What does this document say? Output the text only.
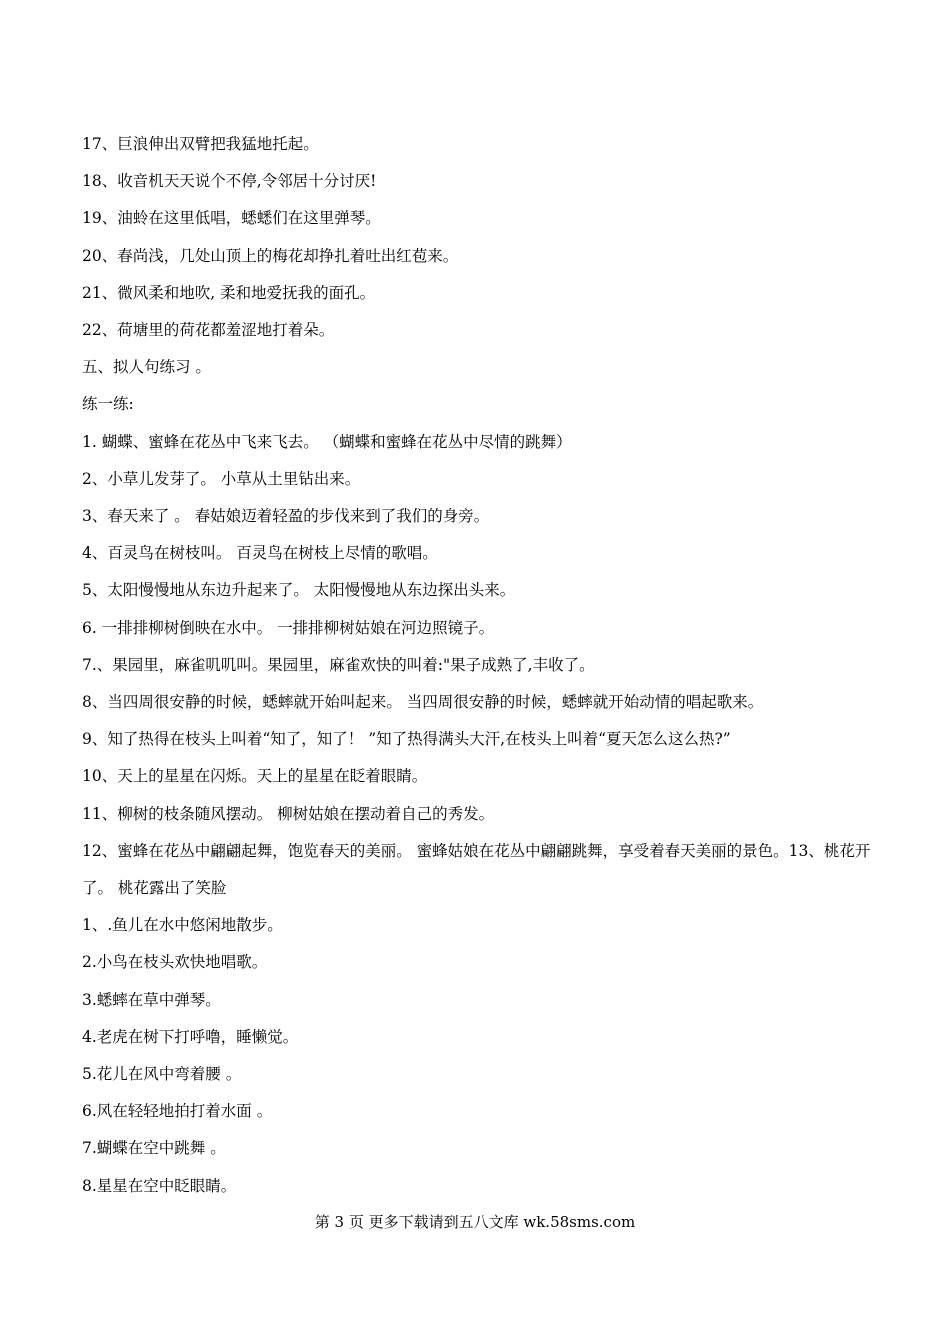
17、巨浪伸出双臂把我猛地托起。

18、收音机天天说个不停,令邻居十分讨厌!

19、油蛉在这里低唱，蟋蟋们在这里弹琴。

20、春尚浅，几处山顶上的梅花却挣扎着吐出红苞来。

21、微风柔和地吹, 柔和地爱抚我的面孔。

22、荷塘里的荷花都羞涩地打着朵。

五、拟人句练习 。

练一练:

1. 蝴蝶、蜜蜂在花丛中飞来飞去。 （蝴蝶和蜜蜂在花丛中尽情的跳舞）

2、小草儿发芽了。 小草从土里钻出来。

3、春天来了 。 春姑娘迈着轻盈的步伐来到了我们的身旁。

4、百灵鸟在树枝叫。 百灵鸟在树枝上尽情的歌唱。

5、太阳慢慢地从东边升起来了。 太阳慢慢地从东边探出头来。

6. 一排排柳树倒映在水中。 一排排柳树姑娘在河边照镜子。

7.、果园里，麻雀叽叽叫。果园里，麻雀欢快的叫着:"果子成熟了,丰收了。

8、当四周很安静的时候，蟋蟀就开始叫起来。 当四周很安静的时候，蟋蟀就开始动情的唱起歌来。

9、知了热得在枝头上叫着“知了，知了！ ”知了热得满头大汗,在枝头上叫着“夏天怎么这么热?”

10、天上的星星在闪烁。天上的星星在眨着眼睛。

11、柳树的枝条随风摆动。 柳树姑娘在摆动着自己的秀发。

12、蜜蜂在花丛中翩翩起舞，饱览春天的美丽。 蜜蜂姑娘在花丛中翩翩跳舞，享受着春天美丽的景色。13、桃花开了。 桃花露出了笑脸

1、.鱼儿在水中悠闲地散步。

2.小鸟在枝头欢快地唱歌。

3.蟋蟀在草中弹琴。

4.老虎在树下打呼噜，睡懒觉。

5.花儿在风中弯着腰 。

6.风在轻轻地拍打着水面 。

7.蝴蝶在空中跳舞 。

8.星星在空中眨眼睛。

第 3 页 更多下载请到五八文库 wk.58sms.com
